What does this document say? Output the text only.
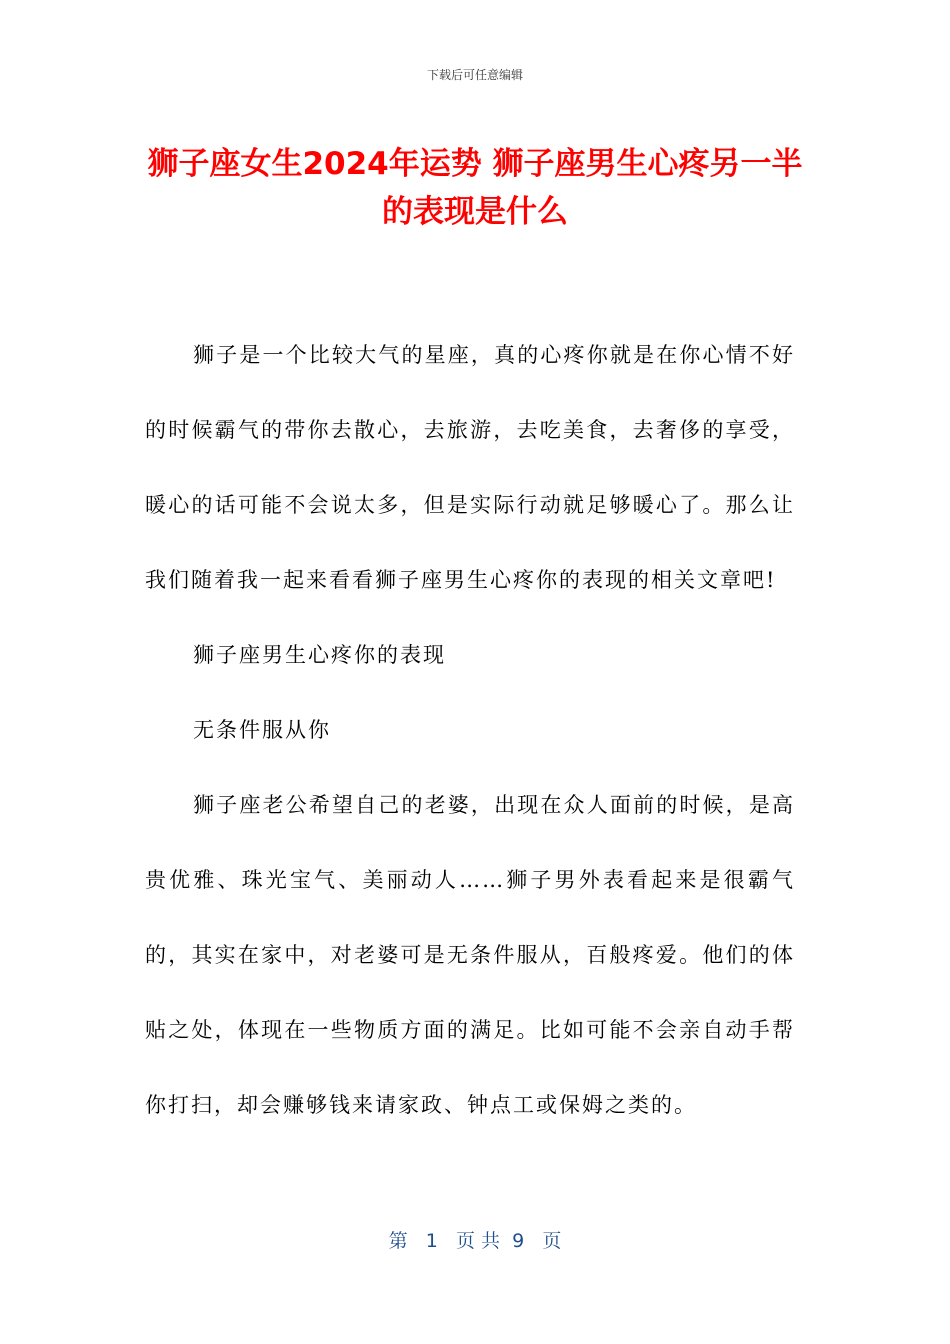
下载后可任意编辑
狮子座女生2024年运势 狮子座男生心疼另一半的表现是什么

狮子是一个比较大气的星座，真的心疼你就是在你心情不好的时候霸气的带你去散心，去旅游，去吃美食，去奢侈的享受，暖心的话可能不会说太多，但是实际行动就足够暖心了。那么让我们随着我一起来看看狮子座男生心疼你的表现的相关文章吧!

狮子座男生心疼你的表现

无条件服从你

狮子座老公希望自己的老婆，出现在众人面前的时候，是高贵优雅、珠光宝气、美丽动人……狮子男外表看起来是很霸气的，其实在家中，对老婆可是无条件服从，百般疼爱。他们的体贴之处，体现在一些物质方面的满足。比如可能不会亲自动手帮你打扫，却会赚够钱来请家政、钟点工或保姆之类的。

第   1   页 共  9   页
